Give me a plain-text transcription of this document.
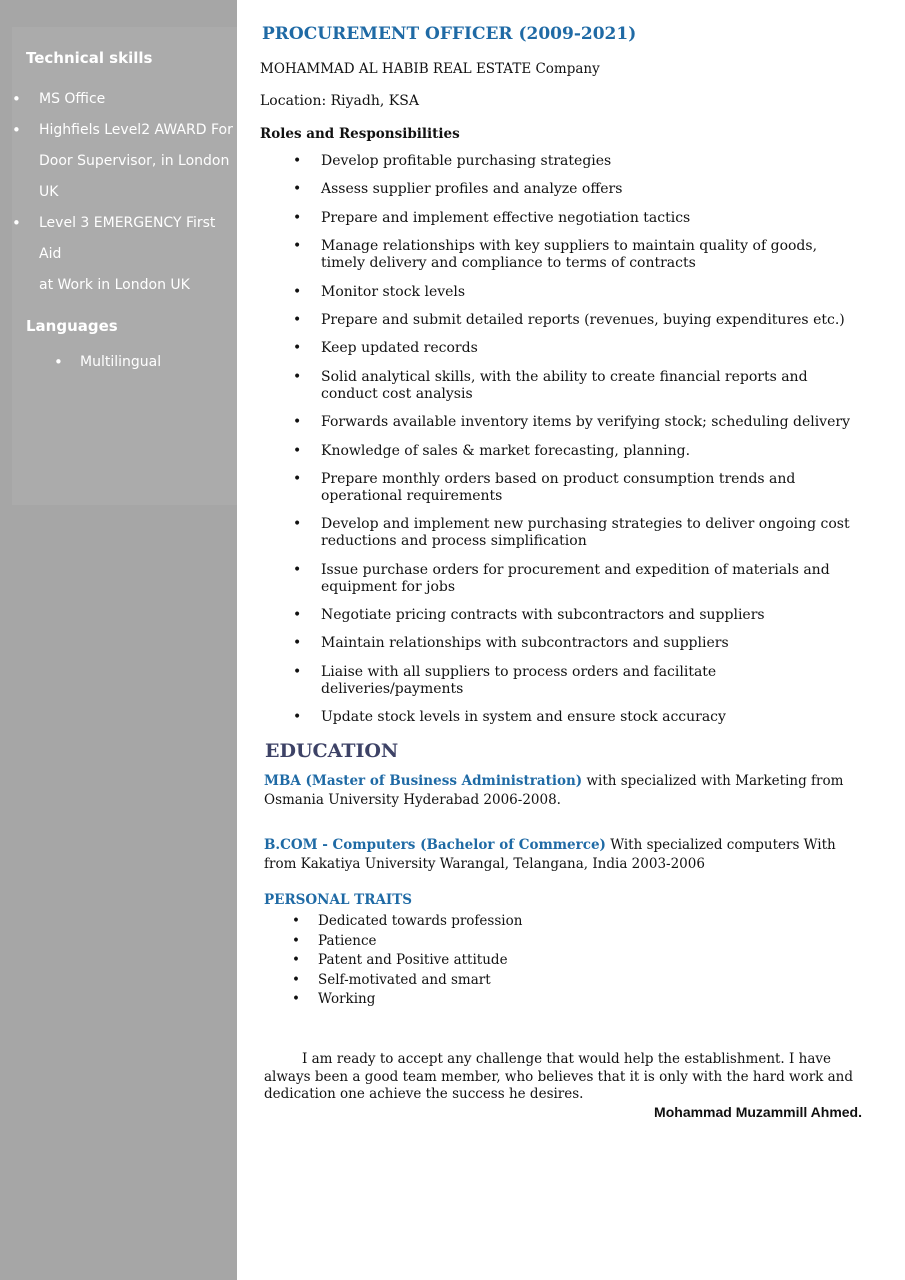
Technical skills
• MS Office
• Highfiels Level2 AWARD For
Door Supervisor, in London
UK
• Level 3 EMERGENCY First Aid
at Work in London UK
Languages
• Multilingual
PROCUREMENT OFFICER (2009-2021)
MOHAMMAD AL HABIB REAL ESTATE Company
Location: Riyadh, KSA
Roles and Responsibilities
• Develop profitable purchasing strategies
• Assess supplier profiles and analyze offers
• Prepare and implement effective negotiation tactics
• Manage relationships with key suppliers to maintain quality of goods, timely delivery and compliance to terms of contracts
• Monitor stock levels
• Prepare and submit detailed reports (revenues, buying expenditures etc.)
• Keep updated records
• Solid analytical skills, with the ability to create financial reports and conduct cost analysis
• Forwards available inventory items by verifying stock; scheduling delivery
• Knowledge of sales & market forecasting, planning.
• Prepare monthly orders based on product consumption trends and operational requirements
• Develop and implement new purchasing strategies to deliver ongoing cost reductions and process simplification
• Issue purchase orders for procurement and expedition of materials and equipment for jobs
• Negotiate pricing contracts with subcontractors and suppliers
• Maintain relationships with subcontractors and suppliers
• Liaise with all suppliers to process orders and facilitate deliveries/payments
• Update stock levels in system and ensure stock accuracy
EDUCATION
MBA (Master of Business Administration) with specialized with Marketing from Osmania University Hyderabad 2006-2008.
B.COM - Computers (Bachelor of Commerce) With specialized computers With from Kakatiya University Warangal, Telangana, India 2003-2006
PERSONAL TRAITS
• Dedicated towards profession
• Patience
• Patent and Positive attitude
• Self-motivated and smart
• Working
I am ready to accept any challenge that would help the establishment. I have always been a good team member, who believes that it is only with the hard work and dedication one achieve the success he desires.
Mohammad Muzammill Ahmed.
